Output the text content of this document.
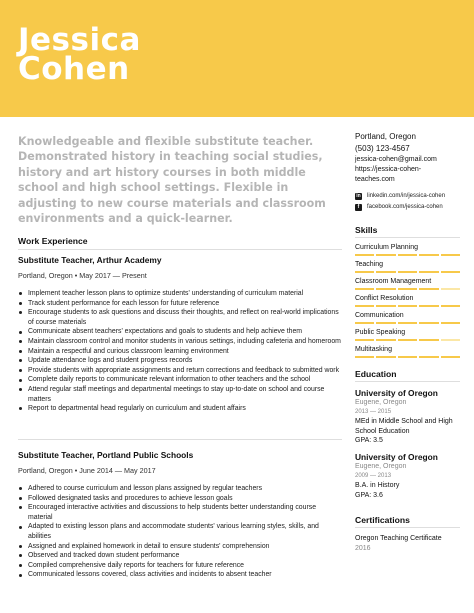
Jessica
Cohen
Knowledgeable and flexible substitute teacher. Demonstrated history in teaching social studies, history and art history courses in both middle school and high school settings. Flexible in adjusting to new course materials and classroom environments and a quick-learner.
Work Experience
Substitute Teacher, Arthur Academy
Portland, Oregon • May 2017 — Present
Implement teacher lesson plans to optimize students' understanding of curriculum material
Track student performance for each lesson for future reference
Encourage students to ask questions and discuss their thoughts, and reflect on real-world implications of course materials
Communicate absent teachers' expectations and goals to students and help achieve them
Maintain classroom control and monitor students in various settings, including cafeteria and homeroom
Maintain a respectful and curious classroom learning environment
Update attendance logs and student progress records
Provide students with appropriate assignments and return corrections and feedback to submitted work
Complete daily reports to communicate relevant information to other teachers and the school
Attend regular staff meetings and departmental meetings to stay up-to-date on school and course matters
Report to departmental head regularly on curriculum and student affairs
Substitute Teacher, Portland Public Schools
Portland, Oregon • June 2014 — May 2017
Adhered to course curriculum and lesson plans assigned by regular teachers
Followed designated tasks and procedures to achieve lesson goals
Encouraged interactive activities and discussions to help students better understanding course material
Adapted to existing lesson plans and accommodate students' various learning styles, skills, and abilities
Assigned and explained homework in detail to ensure students' comprehension
Observed and tracked down student performance
Compiled comprehensive daily reports for teachers for future reference
Communicated lessons covered, class activities and incidents to absent teacher
Portland, Oregon
(503) 123-4567
jessica-cohen@gmail.com
https://jessica-cohen-
teaches.com
in linkedin.com/in/jessica-cohen
f	facebook.com/jessica-cohen
Skills
Curriculum Planning
Teaching
Classroom Management
Conflict Resolution
Communication
Public Speaking
Multitasking
Education
University of Oregon
Eugene, Oregon
2013 — 2015
MEd in Middle School and High School Education
GPA: 3.5
University of Oregon
Eugene, Oregon
2009 — 2013
B.A. in History
GPA: 3.6
Certifications
Oregon Teaching Certificate
2016
